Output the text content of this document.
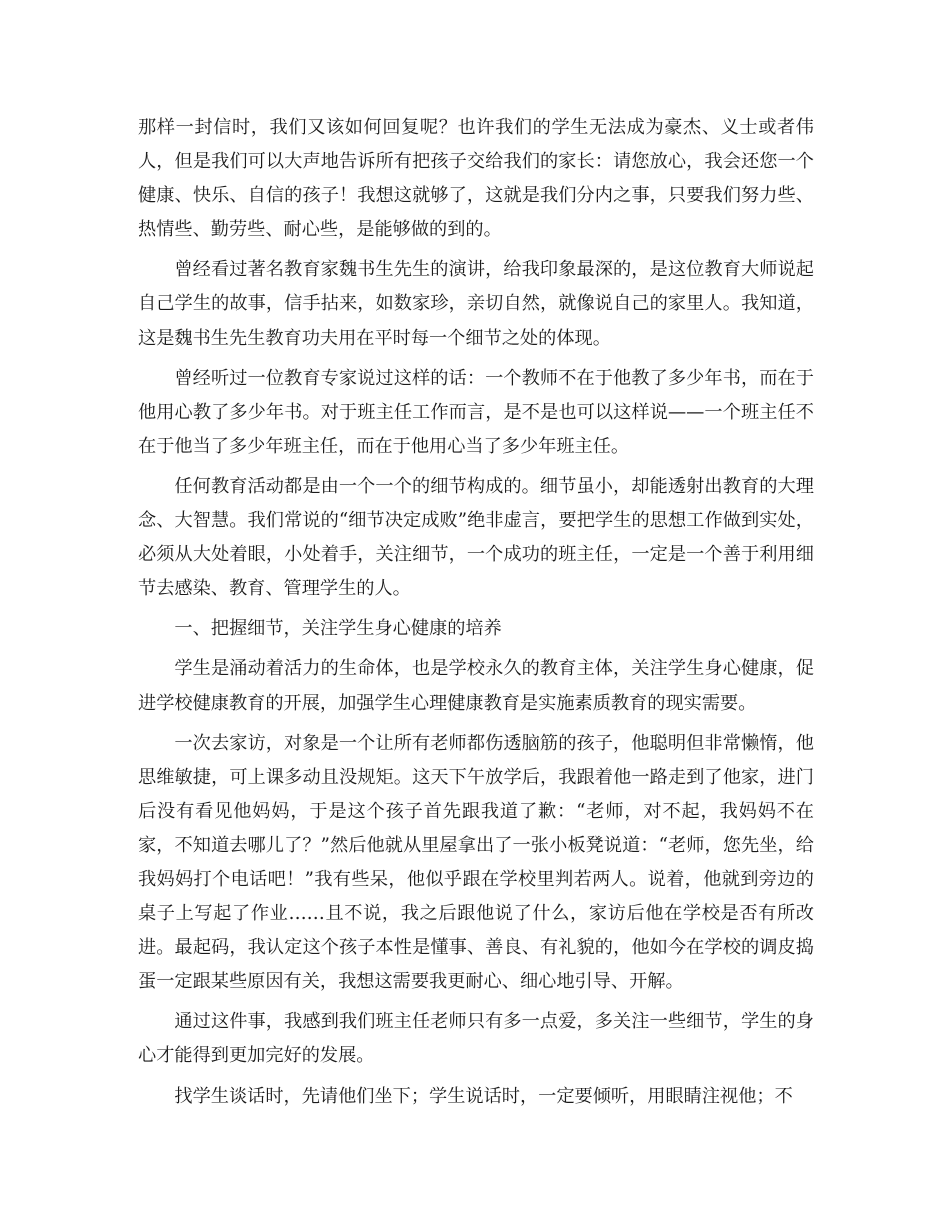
那样一封信时，我们又该如何回复呢？也许我们的学生无法成为豪杰、义士或者伟人，但是我们可以大声地告诉所有把孩子交给我们的家长：请您放心，我会还您一个健康、快乐、自信的孩子！我想这就够了，这就是我们分内之事，只要我们努力些、热情些、勤劳些、耐心些，是能够做的到的。

曾经看过著名教育家魏书生先生的演讲，给我印象最深的，是这位教育大师说起自己学生的故事，信手拈来，如数家珍，亲切自然，就像说自己的家里人。我知道，这是魏书生先生教育功夫用在平时每一个细节之处的体现。

曾经听过一位教育专家说过这样的话：一个教师不在于他教了多少年书，而在于他用心教了多少年书。对于班主任工作而言，是不是也可以这样说——一个班主任不在于他当了多少年班主任，而在于他用心当了多少年班主任。

任何教育活动都是由一个一个的细节构成的。细节虽小，却能透射出教育的大理念、大智慧。我们常说的“细节决定成败”绝非虚言，要把学生的思想工作做到实处，必须从大处着眼，小处着手，关注细节，一个成功的班主任，一定是一个善于利用细节去感染、教育、管理学生的人。

一、把握细节，关注学生身心健康的培养

学生是涌动着活力的生命体，也是学校永久的教育主体，关注学生身心健康，促进学校健康教育的开展，加强学生心理健康教育是实施素质教育的现实需要。

一次去家访，对象是一个让所有老师都伤透脑筋的孩子，他聪明但非常懒惰，他思维敏捷，可上课多动且没规矩。这天下午放学后，我跟着他一路走到了他家，进门后没有看见他妈妈，于是这个孩子首先跟我道了歉：“老师，对不起，我妈妈不在家，不知道去哪儿了？”然后他就从里屋拿出了一张小板凳说道：“老师，您先坐，给我妈妈打个电话吧！”我有些呆，他似乎跟在学校里判若两人。说着，他就到旁边的桌子上写起了作业……且不说，我之后跟他说了什么，家访后他在学校是否有所改进。最起码，我认定这个孩子本性是懂事、善良、有礼貌的，他如今在学校的调皮捣蛋一定跟某些原因有关，我想这需要我更耐心、细心地引导、开解。

通过这件事，我感到我们班主任老师只有多一点爱，多关注一些细节，学生的身心才能得到更加完好的发展。

找学生谈话时，先请他们坐下；学生说话时，一定要倾听，用眼睛注视他；不
